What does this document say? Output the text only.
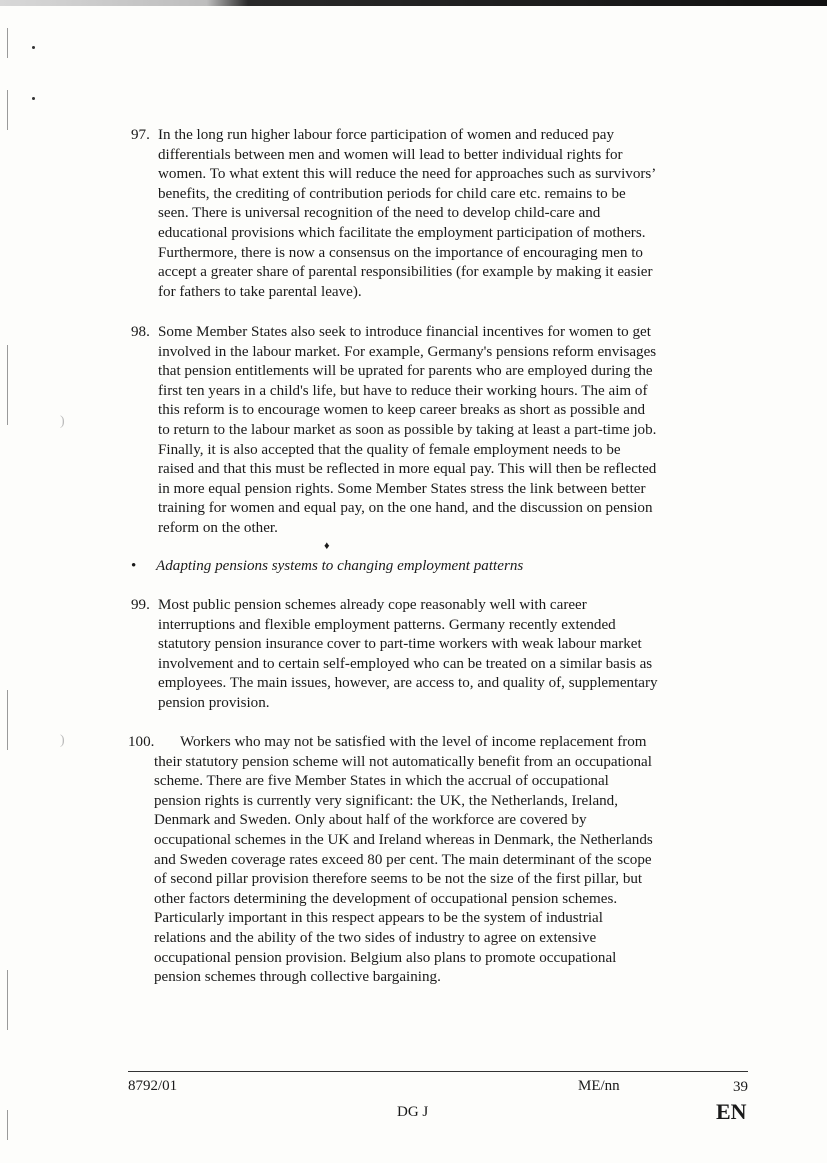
)
)
♦
97. In the long run higher labour force participation of women and reduced pay
differentials between men and women will lead to better individual rights for
women. To what extent this will reduce the need for approaches such as survivors’
benefits, the crediting of contribution periods for child care etc. remains to be
seen. There is universal recognition of the need to develop child-care and
educational provisions which facilitate the employment participation of mothers.
Furthermore, there is now a consensus on the importance of encouraging men to
accept a greater share of parental responsibilities (for example by making it easier
for fathers to take parental leave).
98. Some Member States also seek to introduce financial incentives for women to get
involved in the labour market. For example, Germany's pensions reform envisages
that pension entitlements will be uprated for parents who are employed during the
first ten years in a child's life, but have to reduce their working hours. The aim of
this reform is to encourage women to keep career breaks as short as possible and
to return to the labour market as soon as possible by taking at least a part-time job.
Finally, it is also accepted that the quality of female employment needs to be
raised and that this must be reflected in more equal pay. This will then be reflected
in more equal pension rights. Some Member States stress the link between better
training for women and equal pay, on the one hand, and the discussion on pension
reform on the other.
• Adapting pensions systems to changing employment patterns
99. Most public pension schemes already cope reasonably well with career
interruptions and flexible employment patterns. Germany recently extended
statutory pension insurance cover to part-time workers with weak labour market
involvement and to certain self-employed who can be treated on a similar basis as
employees. The main issues, however, are access to, and quality of, supplementary
pension provision.
100. Workers who may not be satisfied with the level of income replacement from
their statutory pension scheme will not automatically benefit from an occupational
scheme. There are five Member States in which the accrual of occupational
pension rights is currently very significant: the UK, the Netherlands, Ireland,
Denmark and Sweden. Only about half of the workforce are covered by
occupational schemes in the UK and Ireland whereas in Denmark, the Netherlands
and Sweden coverage rates exceed 80 per cent. The main determinant of the scope
of second pillar provision therefore seems to be not the size of the first pillar, but
other factors determining the development of occupational pension schemes.
Particularly important in this respect appears to be the system of industrial
relations and the ability of the two sides of industry to agree on extensive
occupational pension provision. Belgium also plans to promote occupational
pension schemes through collective bargaining.
8792/01	ME/nn	39
DG J	EN
